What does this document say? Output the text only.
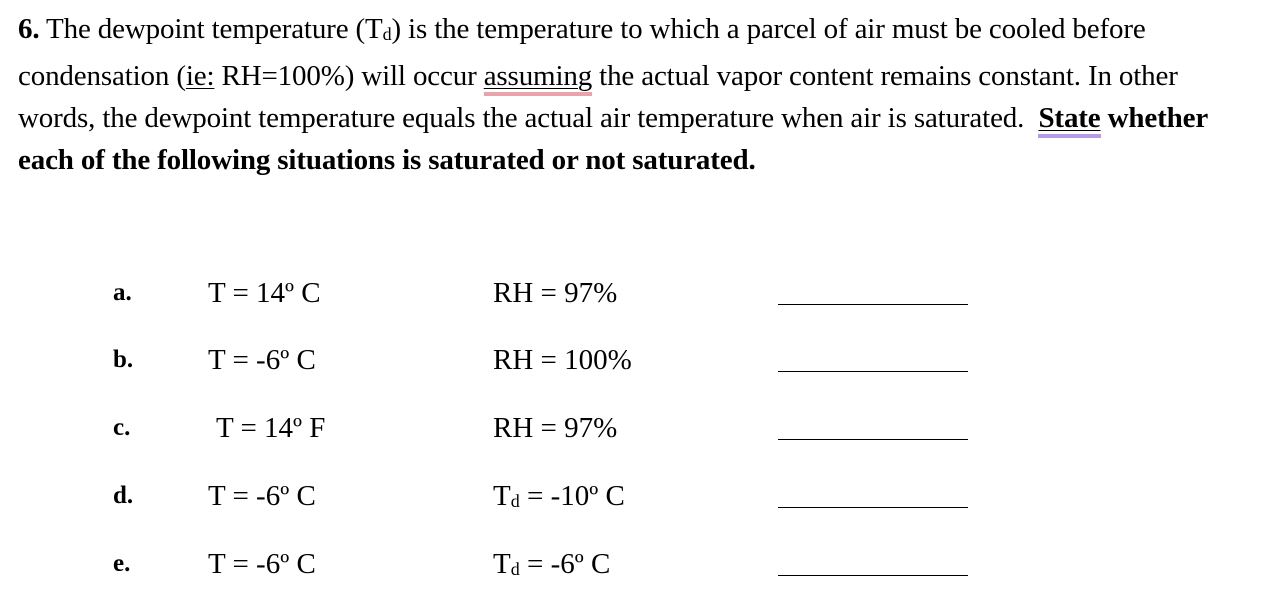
6. The dewpoint temperature $(T_d)$ is the temperature to which a parcel of air must be cooled before condensation (ie: RH=100%) will occur assuming the actual vapor content remains constant. In other words, the dewpoint temperature equals the actual air temperature when air is saturated. State whether each of the following situations is saturated or not saturated.
a.	T = 14º C	RH = 97%
b.	T = -6º C	RH = 100%
c.	T = 14º F	RH = 97%
d.	T = -6º C	$T_d$ = -10º C
e.	T = -6º C	$T_d$ = -6º C
